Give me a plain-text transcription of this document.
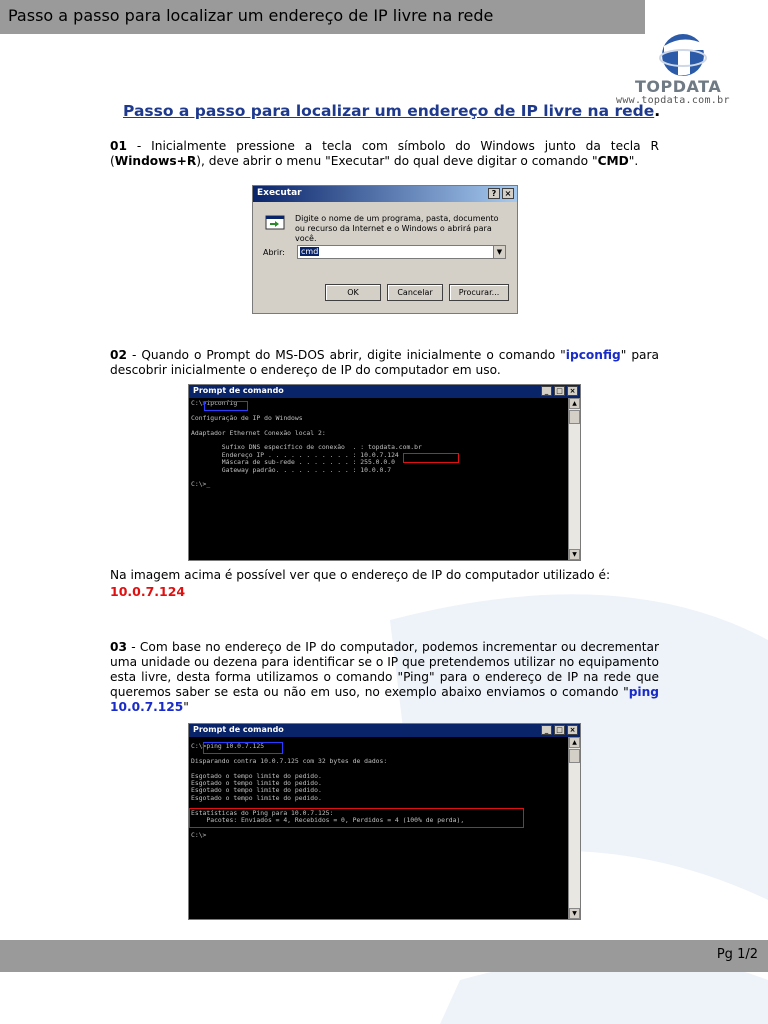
Passo a passo para localizar um endereço de IP livre na rede
TOPDATA
www.topdata.com.br
Passo a passo para localizar um endereço de IP livre na rede.

01 - Inicialmente pressione a tecla com símbolo do Windows junto da tecla R (Windows+R), deve abrir o menu "Executar" do qual deve digitar o comando "CMD".

Executar	?	×
Digite o nome de um programa, pasta, documento ou recurso da Internet e o Windows o abrirá para você.
Abrir: cmd	▼
OK	Cancelar	Procurar...

02 - Quando o Prompt do MS-DOS abrir, digite inicialmente o comando "ipconfig" para descobrir inicialmente o endereço de IP do computador em uso.

Prompt de comando	_	□ ×
C:\>ipconfig

Configuração de IP do Windows

Adaptador Ethernet Conexão local 2:

Sufixo DNS específico de conexão  . : topdata.com.br
Endereço IP . . . . . . . . . . . : 10.0.7.124
Máscara de sub-rede . . . . . . . : 255.0.0.0
Gateway padrão. . . . . . . . . . : 10.0.0.7

C:\>_
▲
▼

Na imagem acima é possível ver que o endereço de IP do computador utilizado é:

10.0.7.124

03 - Com base no endereço de IP do computador, podemos incrementar ou decrementar uma unidade ou dezena para identificar se o IP que pretendemos utilizar no equipamento esta livre, desta forma utilizamos o comando "Ping" para o endereço de IP na rede que queremos saber se esta ou não em uso, no exemplo abaixo enviamos o comando "ping 10.0.7.125"

Prompt de comando	_	□ ×
C:\>ping 10.0.7.125

Disparando contra 10.0.7.125 com 32 bytes de dados:

Esgotado o tempo limite do pedido.
Esgotado o tempo limite do pedido.
Esgotado o tempo limite do pedido.
Esgotado o tempo limite do pedido.

Estatísticas do Ping para 10.0.7.125:
Pacotes: Enviados = 4, Recebidos = 0, Perdidos = 4 (100% de perda),

C:\>
▲
▼
Pg 1/2
